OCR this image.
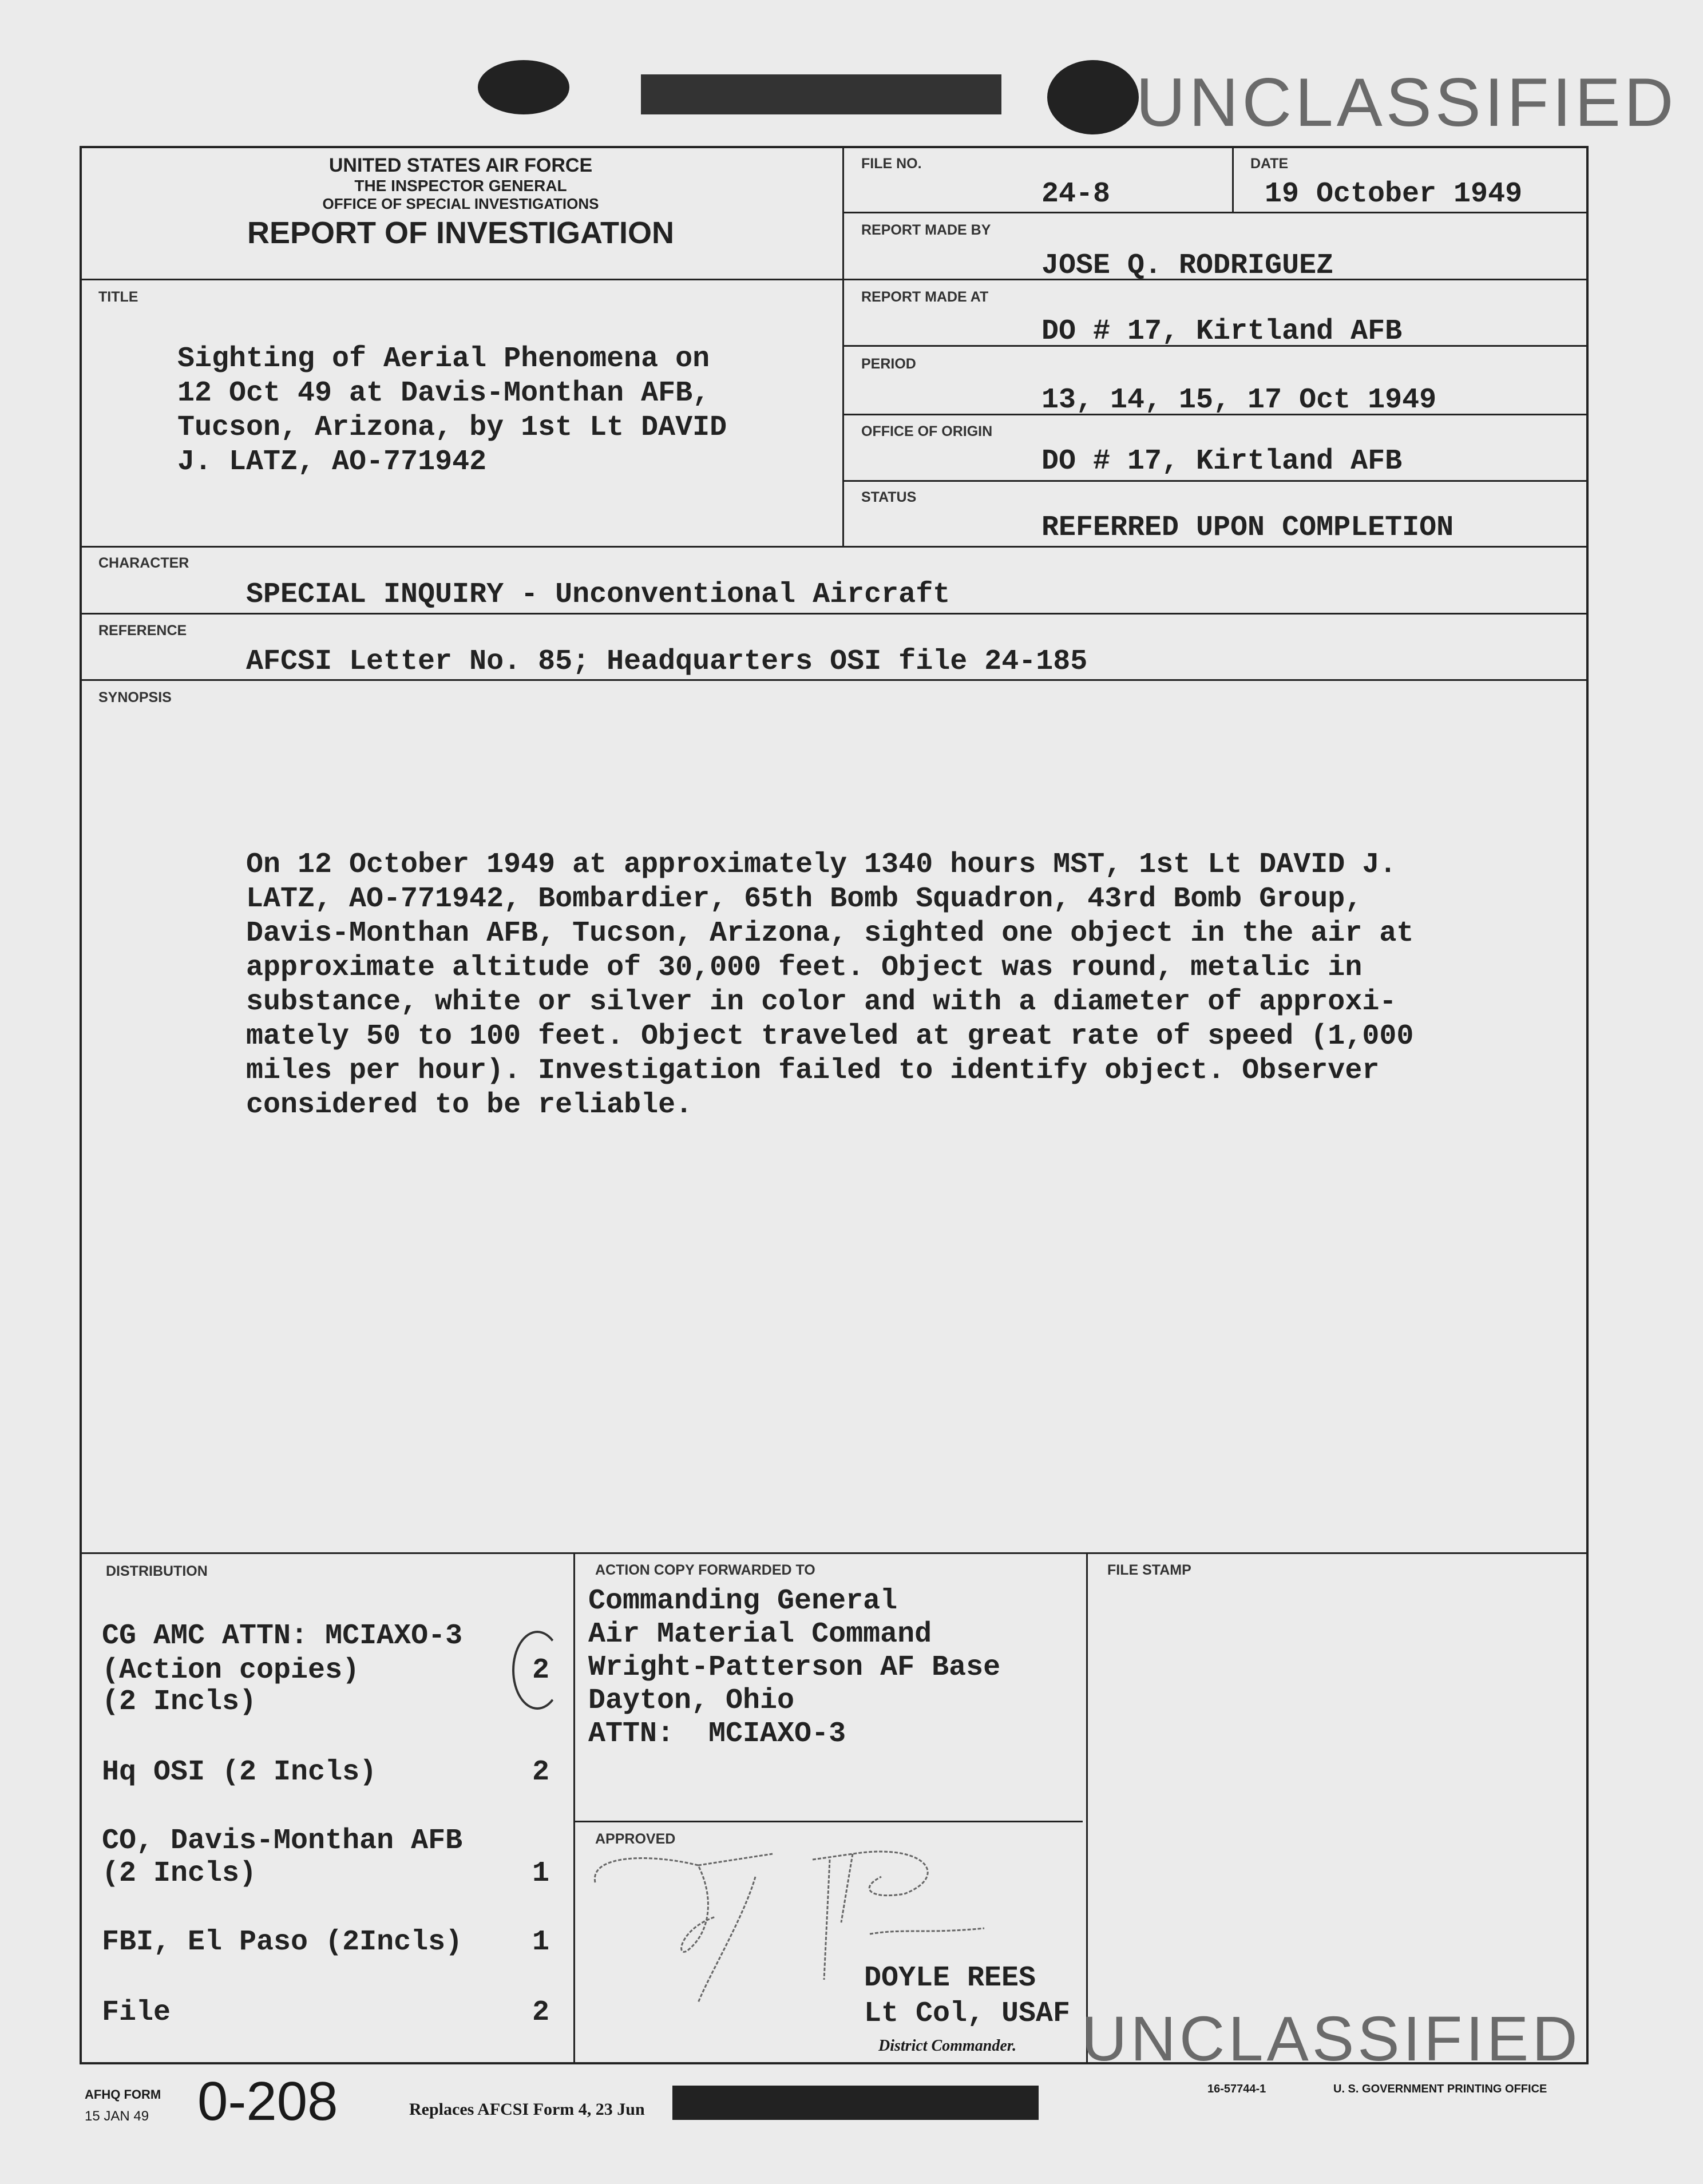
UNCLASSIFIED
UNITED STATES AIR FORCE
THE INSPECTOR GENERAL
OFFICE OF SPECIAL INVESTIGATIONS
REPORT OF INVESTIGATION
FILE NO.
24-8
DATE
19 October 1949
REPORT MADE BY
JOSE Q. RODRIGUEZ
REPORT MADE AT
DO # 17, Kirtland AFB
PERIOD
13, 14, 15, 17 Oct 1949
OFFICE OF ORIGIN
DO # 17, Kirtland AFB
STATUS
REFERRED UPON COMPLETION
TITLE
Sighting of Aerial Phenomena on
12 Oct 49 at Davis-Monthan AFB,
Tucson, Arizona, by 1st Lt DAVID
J. LATZ, AO-771942
CHARACTER
SPECIAL INQUIRY - Unconventional Aircraft
REFERENCE
AFCSI Letter No. 85; Headquarters OSI file 24-185
SYNOPSIS
On 12 October 1949 at approximately 1340 hours MST, 1st Lt DAVID J.
LATZ, AO-771942, Bombardier, 65th Bomb Squadron, 43rd Bomb Group,
Davis-Monthan AFB, Tucson, Arizona, sighted one object in the air at
approximate altitude of 30,000 feet. Object was round, metalic in
substance, white or silver in color and with a diameter of approxi-
mately 50 to 100 feet. Object traveled at great rate of speed (1,000
miles per hour). Investigation failed to identify object. Observer
considered to be reliable.
DISTRIBUTION
CG AMC ATTN: MCIAXO-3
(Action copies)
(2 Incls)
2
Hq OSI (2 Incls)	2
CO, Davis-Monthan AFB
(2 Incls)	1
FBI, El Paso (2Incls) 1
File	2
ACTION COPY FORWARDED TO
Commanding General
Air Material Command
Wright-Patterson AF Base
Dayton, Ohio
ATTN:  MCIAXO-3
APPROVED
DOYLE REES
Lt Col, USAF
District Commander.
FILE STAMP
UNCLASSIFIED
AFHQ FORM
15 JAN 49 0-208	Replaces AFCSI Form 4, 23 Jun
16-57744-1	U. S. GOVERNMENT PRINTING OFFICE
